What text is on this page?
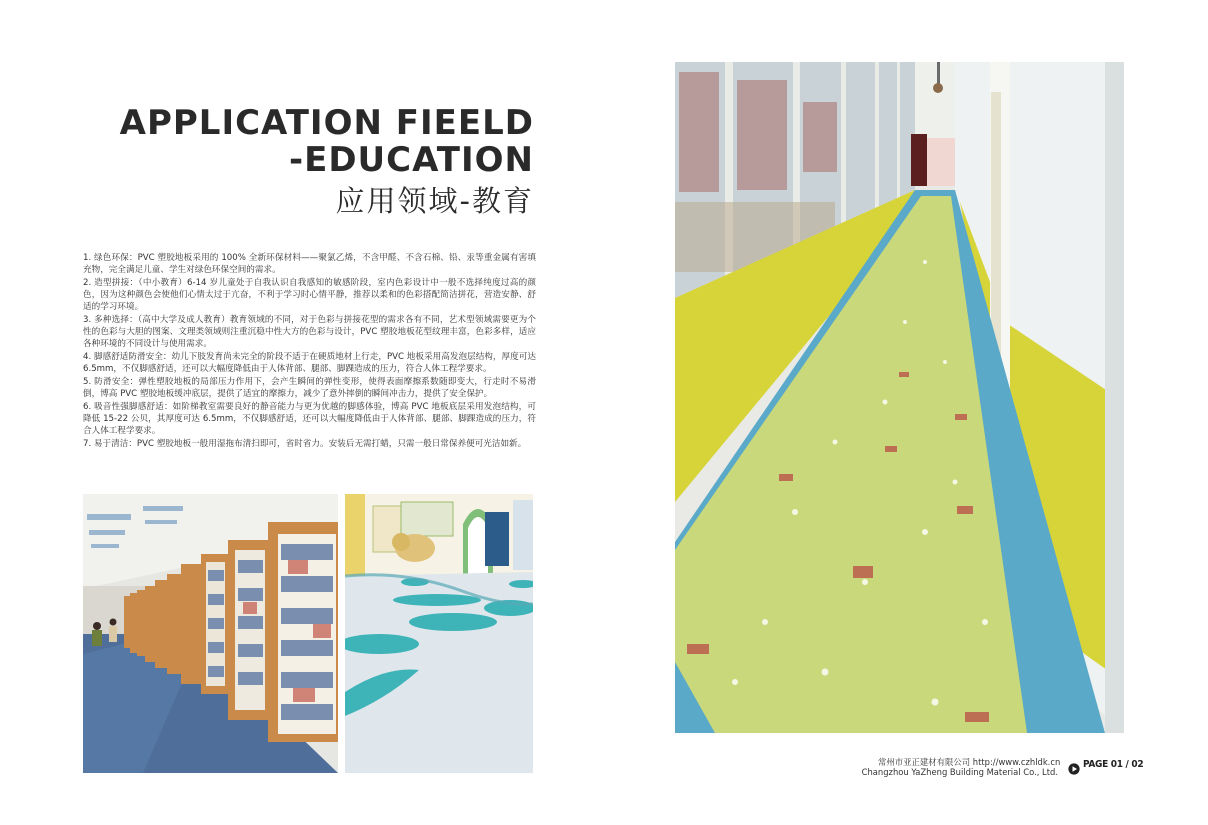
APPLICATION FIEELD
-EDUCATION
应用领域-教育

1. 绿色环保：PVC 塑胶地板采用的 100% 全新环保材料——聚氯乙烯，不含甲醛、不含石棉、铅、汞等重金属有害填充物，完全满足儿童、学生对绿色环保空间的需求。

2. 造型拼接：（中小教育）6-14 岁儿童处于自我认识自我感知的敏感阶段，室内色彩设计中一般不选择纯度过高的颜色，因为这种颜色会使他们心情太过于亢奋，不利于学习时心情平静，推荐以柔和的色彩搭配简洁拼花，营造安静、舒适的学习环境。

3. 多种选择：（高中大学及成人教育）教育领域的不同，对于色彩与拼接花型的需求各有不同，艺术型领域需要更为个性的色彩与大胆的图案、文理类领域则注重沉稳中性大方的色彩与设计，PVC 塑胶地板花型纹理丰富，色彩多样，适应各种环境的不同设计与使用需求。

4. 脚感舒适防滑安全：幼儿下肢发育尚未完全的阶段不适于在硬质地材上行走，PVC 地板采用高发泡层结构，厚度可达 6.5mm，不仅脚感舒适，还可以大幅度降低由于人体背部、腿部、脚踝造成的压力，符合人体工程学要求。

5. 防滑安全：弹性塑胶地板的局部压力作用下，会产生瞬间的弹性变形，使得表面摩擦系数随即变大，行走时不易滑倒，博高 PVC 塑胶地板缓冲底层，提供了适宜的摩擦力，减少了意外摔倒的瞬间冲击力，提供了安全保护。

6. 吸音性强脚感舒适：如阶梯教室需要良好的静音能力与更为优越的脚感体验，博高 PVC 地板底层采用发泡结构，可降低 15-22 公贝，其厚度可达 6.5mm，不仅脚感舒适，还可以大幅度降低由于人体背部、腿部、脚踝造成的压力，符合人体工程学要求。

7. 易于清洁：PVC 塑胶地板一般用湿拖布清扫即可，省时省力。安装后无需打蜡，只需一般日常保养便可光洁如新。

常州市亚正建材有限公司 http://www.czhldk.cn
Changzhou YaZheng Building Material Co., Ltd.
PAGE 01 / 02
